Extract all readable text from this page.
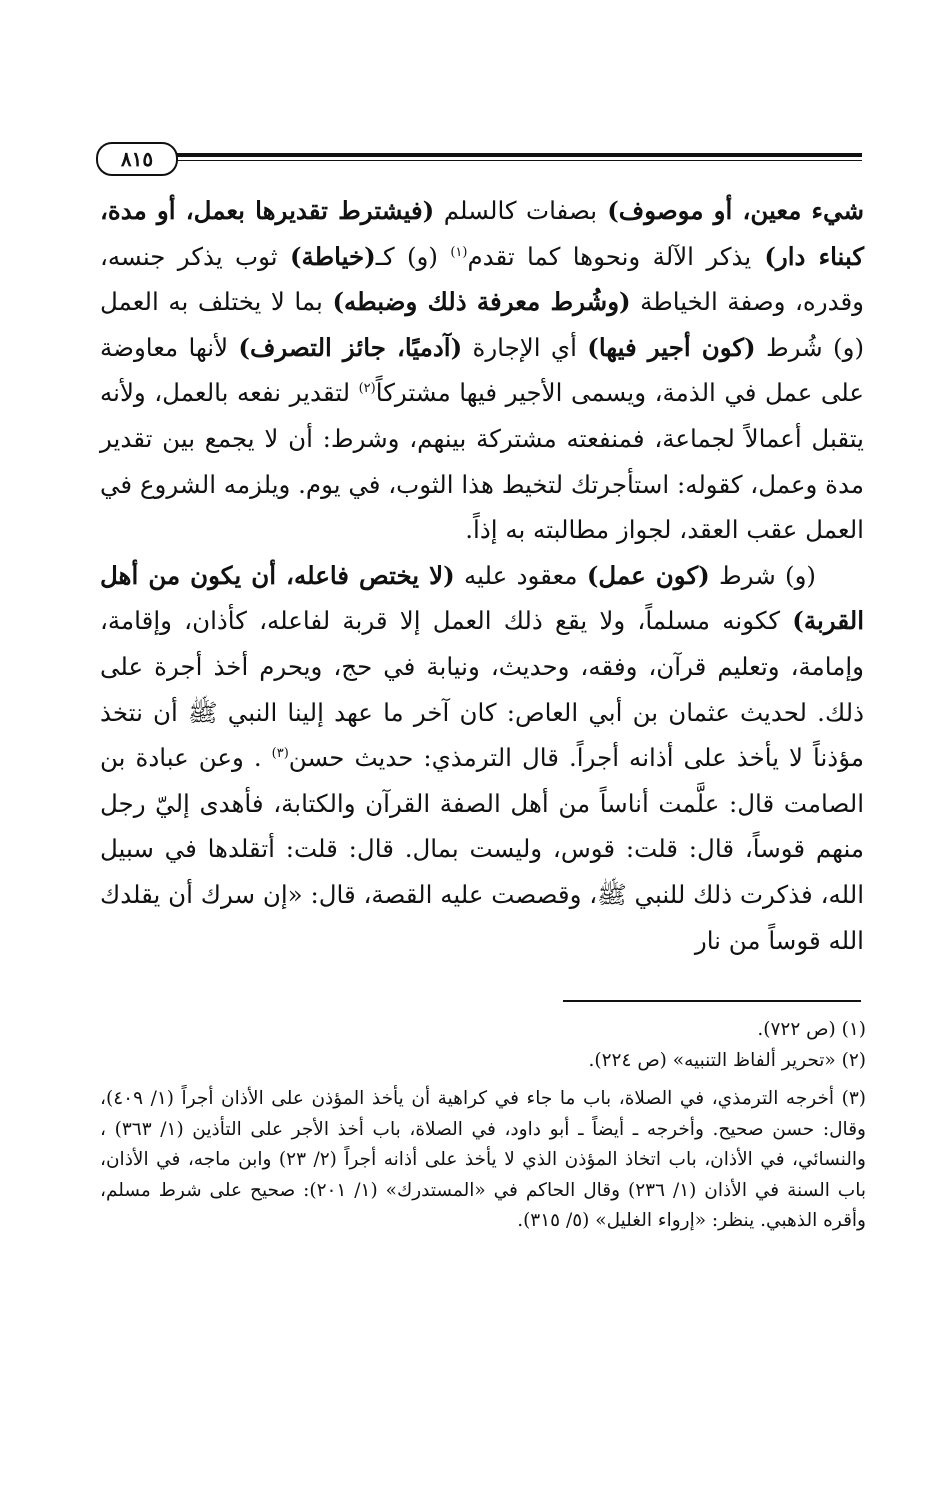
٨١٥

شيء معين، أو موصوف) بصفات كالسلم (فيشترط تقديرها بعمل، أو مدة، كبناء دار) يذكر الآلة ونحوها كما تقدم$^{(١)}$ (و) كـ(خياطة) ثوب يذكر جنسه، وقدره، وصفة الخياطة (وشُرط معرفة ذلك وضبطه) بما لا يختلف به العمل (و) شُرط (كون أجير فيها) أي الإجارة (آدميًا، جائز التصرف) لأنها معاوضة على عمل في الذمة، ويسمى الأجير فيها مشتركاً$^{(٢)}$ لتقدير نفعه بالعمل، ولأنه يتقبل أعمالاً لجماعة، فمنفعته مشتركة بينهم، وشرط: أن لا يجمع بين تقدير مدة وعمل، كقوله: استأجرتك لتخيط هذا الثوب، في يوم. ويلزمه الشروع في العمل عقب العقد، لجواز مطالبته به إذاً.

(و) شرط (كون عمل) معقود عليه (لا يختص فاعله، أن يكون من أهل القربة) ككونه مسلماً، ولا يقع ذلك العمل إلا قربة لفاعله، كأذان، وإقامة، وإمامة، وتعليم قرآن، وفقه، وحديث، ونيابة في حج، ويحرم أخذ أجرة على ذلك. لحديث عثمان بن أبي العاص: كان آخر ما عهد إلينا النبي ﷺ أن نتخذ مؤذناً لا يأخذ على أذانه أجراً. قال الترمذي: حديث حسن$^{(٣)}$ . وعن عبادة بن الصامت قال: علَّمت أناساً من أهل الصفة القرآن والكتابة، فأهدى إليّ رجل منهم قوساً، قال: قلت: قوس، وليست بمال. قال: قلت: أتقلدها في سبيل الله، فذكرت ذلك للنبي ﷺ، وقصصت عليه القصة، قال: «إن سرك أن يقلدك الله قوساً من نار

(١) (ص ٧٢٢).

(٢) «تحرير ألفاظ التنبيه» (ص ٢٢٤).

(٣) أخرجه الترمذي، في الصلاة، باب ما جاء في كراهية أن يأخذ المؤذن على الأذان أجراً (١/ ٤٠٩)، وقال: حسن صحيح. وأخرجه ـ أيضاً ـ أبو داود، في الصلاة، باب أخذ الأجر على التأذين (١/ ٣٦٣) ، والنسائي، في الأذان، باب اتخاذ المؤذن الذي لا يأخذ على أذانه أجراً (٢/ ٢٣) وابن ماجه، في الأذان، باب السنة في الأذان (١/ ٢٣٦) وقال الحاكم في «المستدرك» (١/ ٢٠١): صحيح على شرط مسلم، وأقره الذهبي. ينظر: «إرواء الغليل» (٥/ ٣١٥).
